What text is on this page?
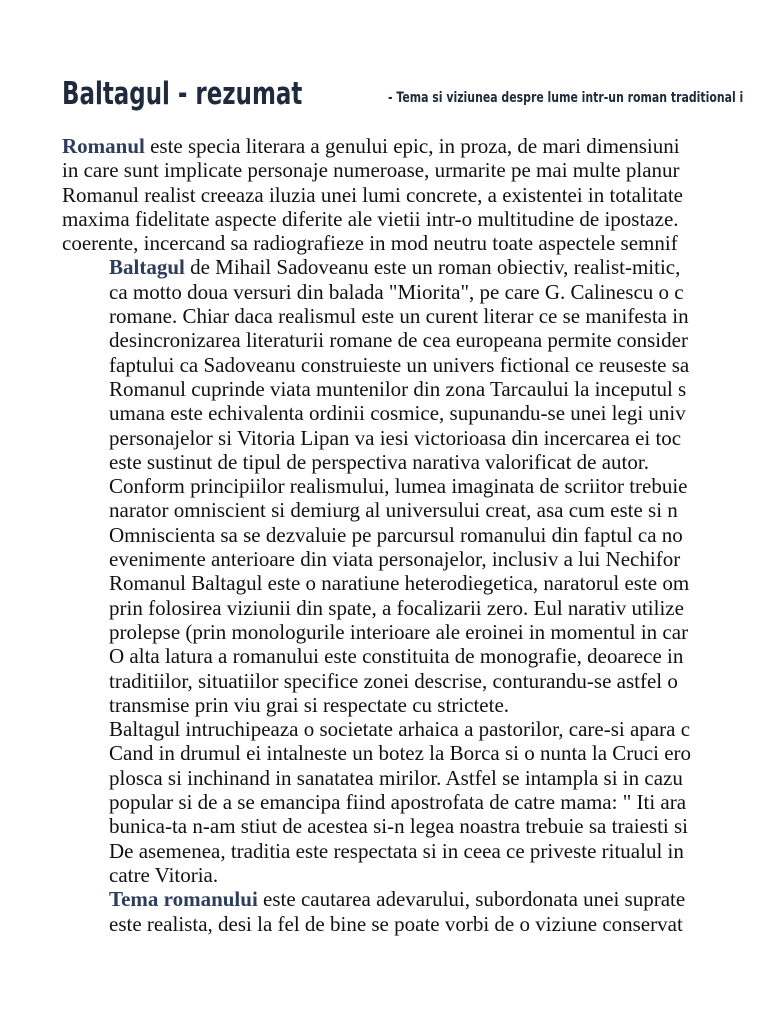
Baltagul - rezumat	- Tema si viziunea despre lume intr-un roman traditional i
Romanul este specia literara a genului epic, in proza, de mari dimensiuni
in care sunt implicate personaje numeroase, urmarite pe mai multe planur
Romanul realist creeaza iluzia unei lumi concrete, a existentei in totalitate
maxima fidelitate aspecte diferite ale vietii intr-o multitudine de ipostaze.
coerente, incercand sa radiografieze in mod neutru toate aspectele semnif
Baltagul de Mihail Sadoveanu este un roman obiectiv, realist-mitic,
ca motto doua versuri din balada "Miorita", pe care G. Calinescu o c
romane. Chiar daca realismul este un curent literar ce se manifesta in
desincronizarea literaturii romane de cea europeana permite consider
faptului ca Sadoveanu construieste un univers fictional ce reuseste sa
Romanul cuprinde viata muntenilor din zona Tarcaului la inceputul s
umana este echivalenta ordinii cosmice, supunandu-se unei legi univ
personajelor si Vitoria Lipan va iesi victorioasa din incercarea ei toc
este sustinut de tipul de perspectiva narativa valorificat de autor.
Conform principiilor realismului, lumea imaginata de scriitor trebuie
narator omniscient si demiurg al universului creat, asa cum este si n
Omniscienta sa se dezvaluie pe parcursul romanului din faptul ca no
evenimente anterioare din viata personajelor, inclusiv a lui Nechifor
Romanul Baltagul este o naratiune heterodiegetica, naratorul este om
prin folosirea viziunii din spate, a focalizarii zero. Eul narativ utilize
prolepse (prin monologurile interioare ale eroinei in momentul in car
O alta latura a romanului este constituita de monografie, deoarece in
traditiilor, situatiilor specifice zonei descrise, conturandu-se astfel o
transmise prin viu grai si respectate cu strictete.
Baltagul intruchipeaza o societate arhaica a pastorilor, care-si apara c
Cand in drumul ei intalneste un botez la Borca si o nunta la Cruci ero
plosca si inchinand in sanatatea mirilor. Astfel se intampla si in cazu
popular si de a se emancipa fiind apostrofata de catre mama: " Iti ara
bunica-ta n-am stiut de acestea si-n legea noastra trebuie sa traiesti si
De asemenea, traditia este respectata si in ceea ce priveste ritualul in
catre Vitoria.
Tema romanului este cautarea adevarului, subordonata unei suprate
este realista, desi la fel de bine se poate vorbi de o viziune conservat
